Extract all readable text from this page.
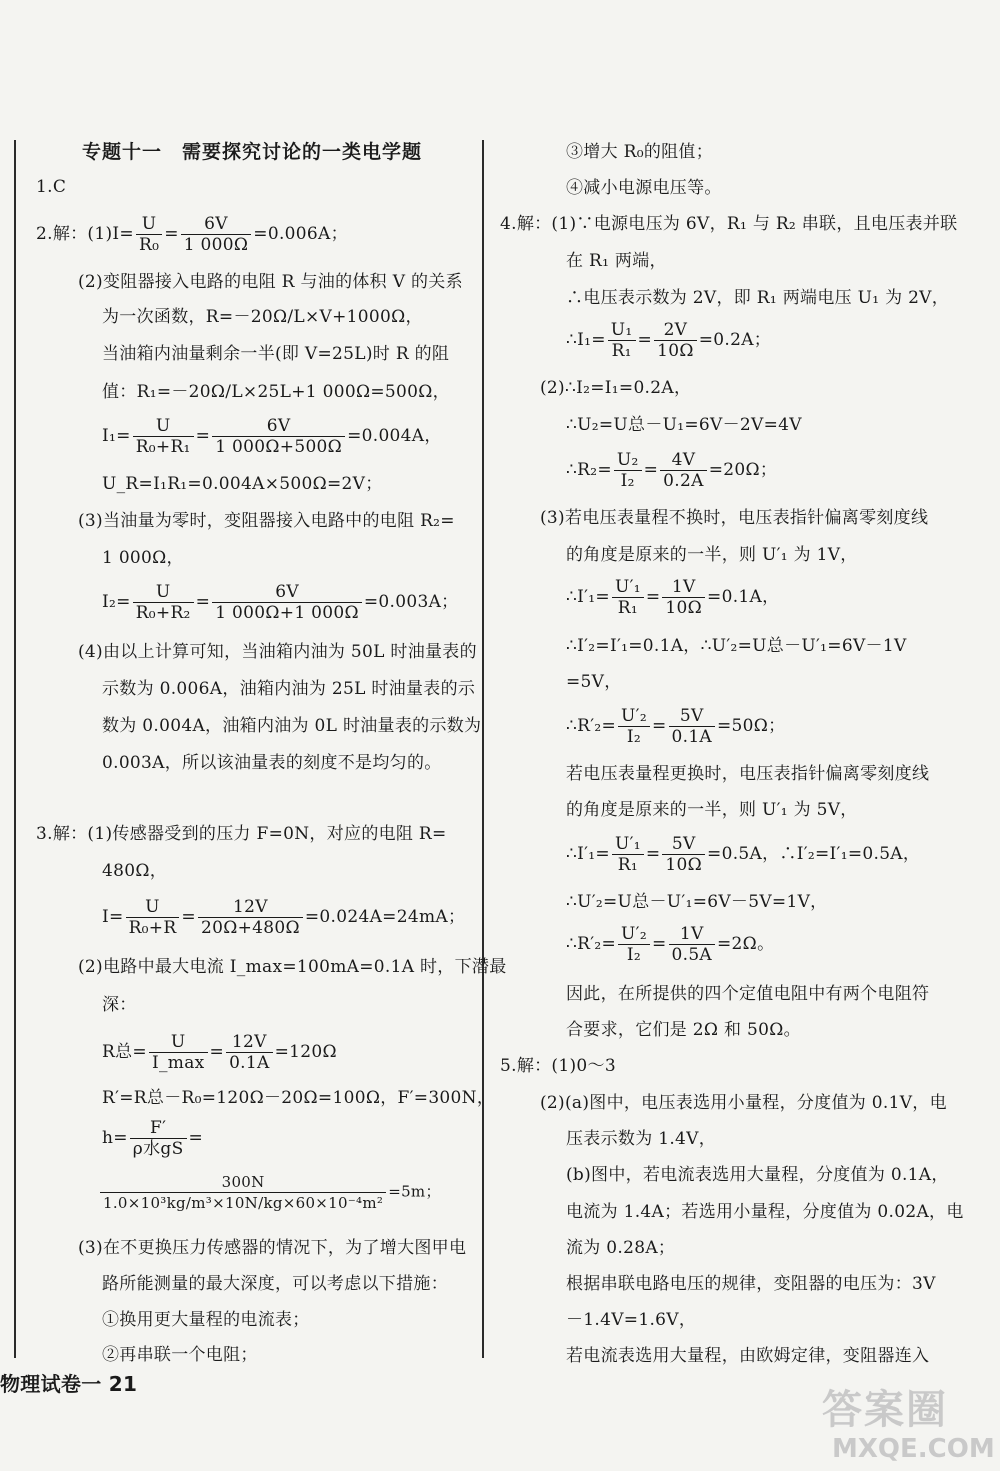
专题十一　需要探究讨论的一类电学题
1.C
2.解：$(1)I= \frac{U}{\text{R₀}} = \frac{6V}{1 000\Omega} =0.006A$；
(2)变阻器接入电路的电阻 R 与油的体积 V 的关系
为一次函数，R=－20Ω/L×V+1000Ω，
当油箱内油量剩余一半(即 V=25L)时 R 的阻
值：R₁=－20Ω/L×25L+1 000Ω=500Ω，
$I_1= \frac{U}{\text{R₀+R₁}} = \frac{6V}{1 000\Omega+500\Omega} =0.004A$，
U_R=I₁R₁=0.004A×500Ω=2V；
(3)当油量为零时，变阻器接入电路中的电阻 R₂=
1 000Ω，
$I_2= \frac{U}{\text{R₀+R₂}} = \frac{6V}{1 000\Omega+1 000\Omega} =0.003A$；
(4)由以上计算可知，当油箱内油为 50L 时油量表的
示数为 0.006A，油箱内油为 25L 时油量表的示
数为 0.004A，油箱内油为 0L 时油量表的示数为
0.003A，所以该油量表的刻度不是均匀的。
3.解：(1)传感器受到的压力 F=0N，对应的电阻 R=
480Ω，
$I= \frac{U}{\text{R₀+R}} = \frac{12V}{20\Omega+480\Omega} =0.024A=24mA$；
(2)电路中最大电流 I_max=100mA=0.1A 时，下潜最
深：
R总= $\frac{U}{I\_\max} = \frac{12V}{0.1A} =120\Omega$
R′=R总－R₀=120Ω－20Ω=100Ω，F′=300N，
$h= \frac{F'}{\text{ρ水gS}}$ =
$\frac{300N}{\text{1.0×10³kg/m³×10N/kg×60×10⁻⁴m²}} =5m$；
(3)在不更换压力传感器的情况下，为了增大图甲电
路所能测量的最大深度，可以考虑以下措施：
①换用更大量程的电流表；
②再串联一个电阻；
物理试卷一 21
③增大 R₀的阻值；
④减小电源电压等。
4.解：(1)∵电源电压为 6V，R₁ 与 R₂ 串联，且电压表并联
在 R₁ 两端，
∴电压表示数为 2V，即 R₁ 两端电压 U₁ 为 2V，
∴I₁= $\frac{\text{U₁}}{\text{R₁}} = \frac{2V}{10\Omega} =0.2A$；
(2)∴I₂=I₁=0.2A，
∴U₂=U总－U₁=6V－2V=4V
∴R₂= $\frac{\text{U₂}}{\text{I₂}} = \frac{4V}{0.2A} =20\Omega$；
(3)若电压表量程不换时，电压表指针偏离零刻度线
的角度是原来的一半，则 U′₁ 为 1V，
∴I′₁= $\frac{\text{U′₁}}{\text{R₁}} = \frac{1V}{10\Omega} =0.1A$，
∴I′₂=I′₁=0.1A，∴U′₂=U总－U′₁=6V－1V
=5V，
∴R′₂= $\frac{\text{U′₂}}{\text{I₂}} = \frac{5V}{0.1A} =50\Omega$；
若电压表量程更换时，电压表指针偏离零刻度线
的角度是原来的一半，则 U′₁ 为 5V，
∴I′₁= $\frac{\text{U′₁}}{\text{R₁}} = \frac{5V}{10\Omega} =0.5A$，∴I′₂=I′₁=0.5A，
∴U′₂=U总－U′₁=6V－5V=1V，
∴R′₂= $\frac{\text{U′₂}}{\text{I₂}} = \frac{1V}{0.5A} =2\Omega$。
因此，在所提供的四个定值电阻中有两个电阻符
合要求，它们是 2Ω 和 50Ω。
5.解：(1)0～3
(2)(a)图中，电压表选用小量程，分度值为 0.1V，电
压表示数为 1.4V，
(b)图中，若电流表选用大量程，分度值为 0.1A，
电流为 1.4A；若选用小量程，分度值为 0.02A，电
流为 0.28A；
根据串联电路电压的规律，变阻器的电压为：3V
－1.4V=1.6V，
若电流表选用大量程，由欧姆定律，变阻器连入
答案圈
MXQE.COM
